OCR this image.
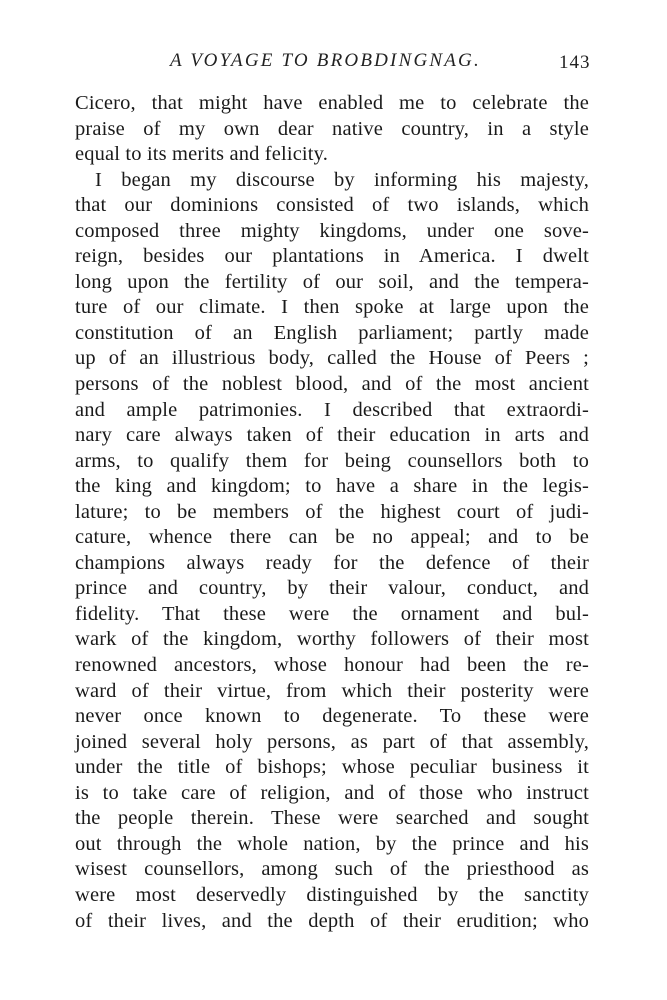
A VOYAGE TO BROBDINGNAG.	143
Cicero, that might have enabled me to celebrate the
praise of my own dear native country, in a style
equal to its merits and felicity.
I began my discourse by informing his majesty,
that our dominions consisted of two islands, which
composed three mighty kingdoms, under one sove-
reign, besides our plantations in America. I dwelt
long upon the fertility of our soil, and the tempera-
ture of our climate. I then spoke at large upon the
constitution of an English parliament; partly made
up of an illustrious body, called the House of Peers ;
persons of the noblest blood, and of the most ancient
and ample patrimonies. I described that extraordi-
nary care always taken of their education in arts and
arms, to qualify them for being counsellors both to
the king and kingdom; to have a share in the legis-
lature; to be members of the highest court of judi-
cature, whence there can be no appeal; and to be
champions always ready for the defence of their
prince and country, by their valour, conduct, and
fidelity. That these were the ornament and bul-
wark of the kingdom, worthy followers of their most
renowned ancestors, whose honour had been the re-
ward of their virtue, from which their posterity were
never once known to degenerate. To these were
joined several holy persons, as part of that assembly,
under the title of bishops; whose peculiar business it
is to take care of religion, and of those who instruct
the people therein. These were searched and sought
out through the whole nation, by the prince and his
wisest counsellors, among such of the priesthood as
were most deservedly distinguished by the sanctity
of their lives, and the depth of their erudition; who
